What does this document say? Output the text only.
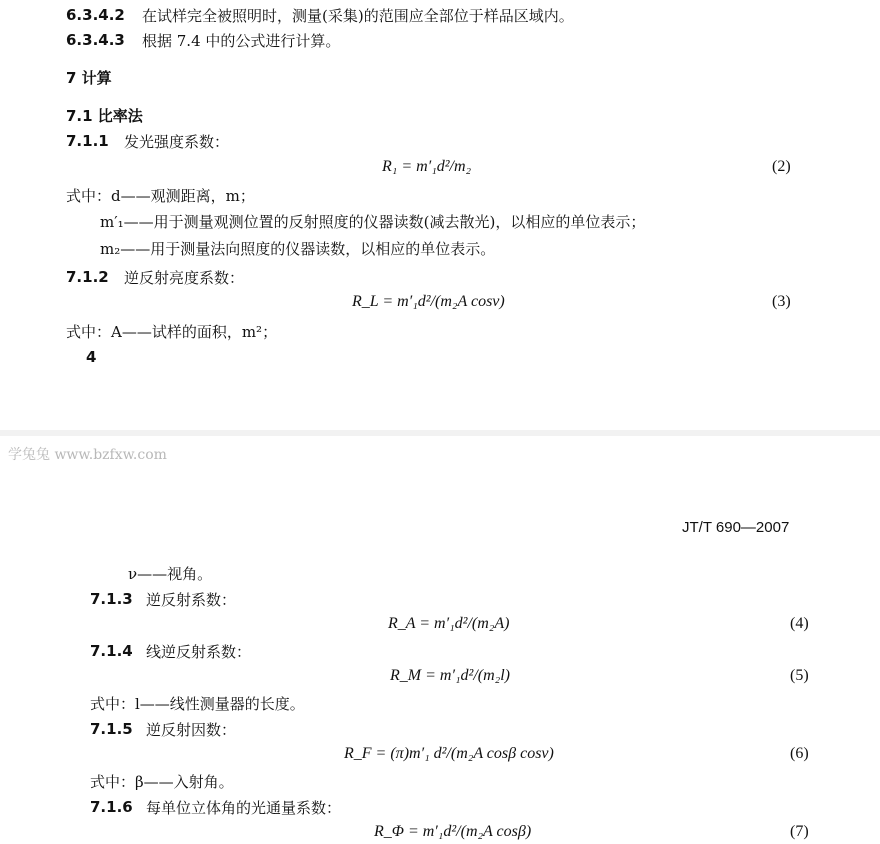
6.3.4.2 在试样完全被照明时，测量(采集)的范围应全部位于样品区域内。
6.3.4.3 根据 7.4 中的公式进行计算。
7 计算
7.1 比率法
7.1.1 发光强度系数：
R₁ = m′₁d²/m₂	(2)
式中：d——观测距离，m；
m′₁——用于测量观测位置的反射照度的仪器读数(减去散光)，以相应的单位表示；
m₂——用于测量法向照度的仪器读数，以相应的单位表示。
7.1.2 逆反射亮度系数：
R_L = m′₁d²/(m₂A cosν)	(3)
式中：A——试样的面积，m²；
4
学兔兔 www.bzfxw.com
JT/T 690—2007
ν——视角。
7.1.3 逆反射系数：
R_A = m′₁d²/(m₂A)	(4)
7.1.4 线逆反射系数：
R_M = m′₁d²/(m₂l)	(5)
式中：l——线性测量器的长度。
7.1.5 逆反射因数：
R_F = (π)m′₁ d²/(m₂A cosβ cosν)	(6)
式中：β——入射角。
7.1.6 每单位立体角的光通量系数：
R_Φ = m′₁d²/(m₂A cosβ)	(7)
